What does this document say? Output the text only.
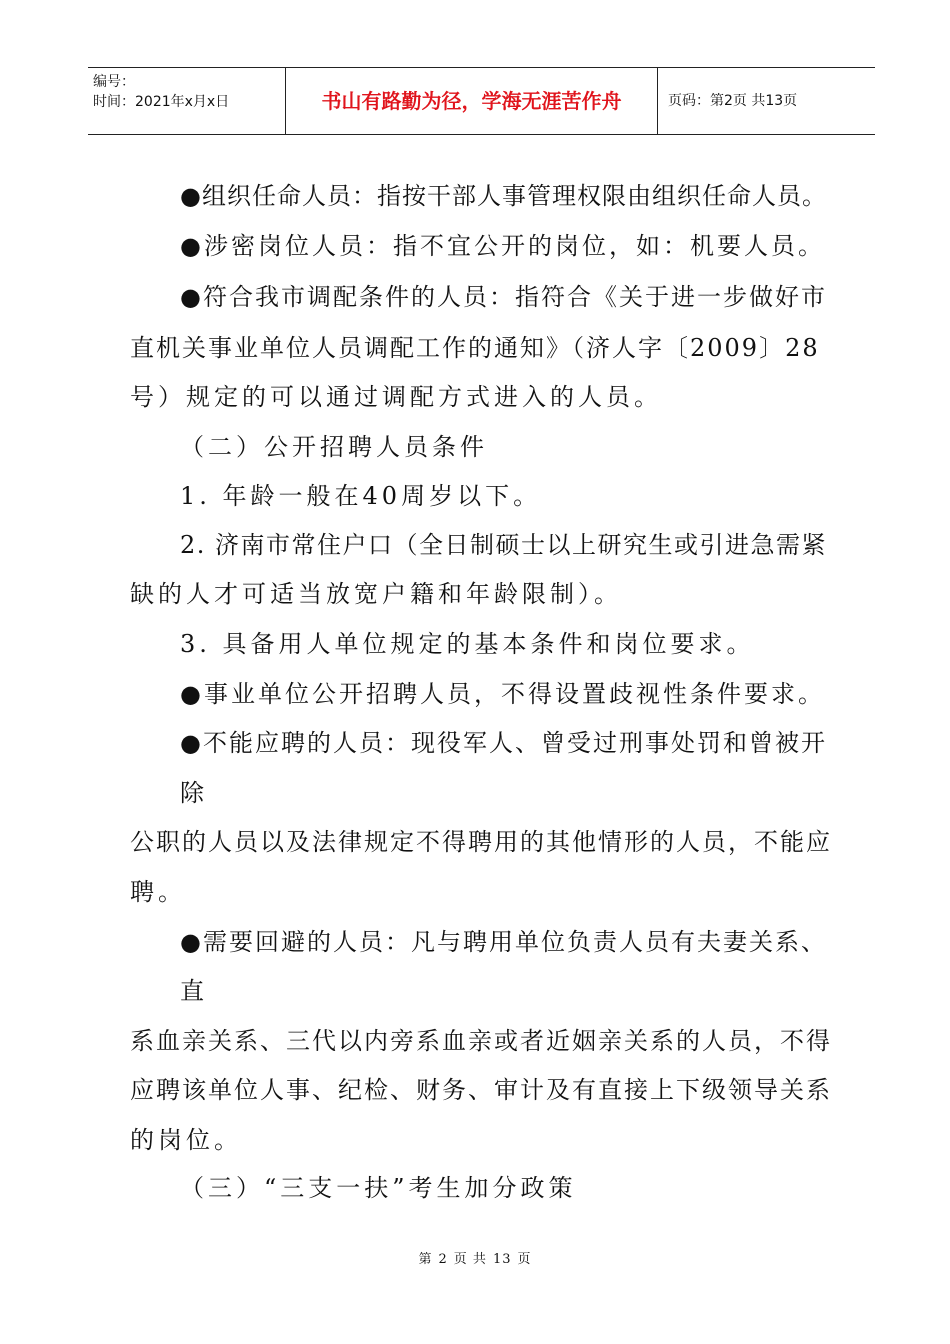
编号：
时间：2021年x月x日	书山有路勤为径，学海无涯苦作舟	页码：第2页 共13页
●组织任命人员：指按干部人事管理权限由组织任命人员。
●涉密岗位人员：指不宜公开的岗位，如：机要人员。
●符合我市调配条件的人员：指符合《关于进一步做好市
直机关事业单位人员调配工作的通知》（济人字〔2009〕28
号）规定的可以通过调配方式进入的人员。
（二）公开招聘人员条件
1. 年龄一般在40周岁以下。
2. 济南市常住户口（全日制硕士以上研究生或引进急需紧
缺的人才可适当放宽户籍和年龄限制）。
3. 具备用人单位规定的基本条件和岗位要求。
●事业单位公开招聘人员，不得设置歧视性条件要求。
●不能应聘的人员：现役军人、曾受过刑事处罚和曾被开
除
公职的人员以及法律规定不得聘用的其他情形的人员，不能应
聘。
●需要回避的人员：凡与聘用单位负责人员有夫妻关系、
直
系血亲关系、三代以内旁系血亲或者近姻亲关系的人员，不得
应聘该单位人事、纪检、财务、审计及有直接上下级领导关系
的岗位。
（三）“三支一扶”考生加分政策
第 2 页 共 13 页
